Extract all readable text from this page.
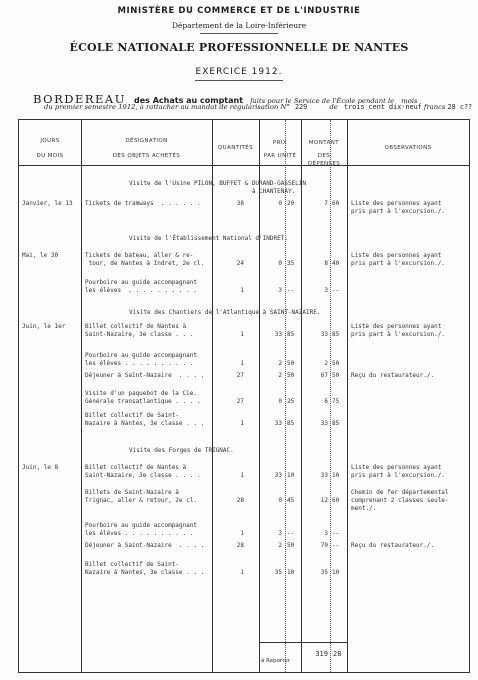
MINISTÈRE DU COMMERCE ET DE L'INDUSTRIE
Département de la Loire-Inférieure
ÉCOLE NATIONALE PROFESSIONNELLE DE NANTES
EXERCICE 1912.
BORDEREAU des Achats au comptant faits pour le Service de l'École pendant le mois
du premier semestre 1912, à rattacher au mandat de régularisation N° 229	de trois cent dix-neuf francs 28 c??
JOURS
DU MOIS
DÉSIGNATION
DES OBJETS ACHETÉS
QUANTITÉS
PRIX
PAR UNITÉ
MONTANT
DES DÉPENSES
OBSERVATIONS
Visite de l'Usine PILON, BUFFET & DURAND-GASSELIN
à CHANTENAY.
Janvier, le 13	Tickets de tramways  . . . . . .	38	0 20	7 60	Liste des personnes ayant
pris part à l'excursion./.
Visite de l'Établissement National d'INDRET.
Mai, le 30	Tickets de bateau, aller & re-
tour, de Nantes à Indret, 2e cl.	24	0 35	8 40
Liste des personnes ayant
pris part à l'excursion./.
Pourboire au guide accompagnant
les élèves  . . . . . . . . . .	1	3 --	3 --
Visite des Chantiers de l'Atlantique à SAINT-NAZAIRE.
Juin, le 1er	Billet collectif de Nantes à
Saint-Nazaire, 3e classe . . .	1	33 85	33 85
Liste des personnes ayant
pris part à l'excursion./.
Pourboire au guide accompagnant
les élèves . . . . . . . . . .	1	2 50	2 50
Déjeuner à Saint-Nazaire  . . . .	27	2 50	67 50	Reçu du restaurateur./.
Visite d'un paquebot de la Cie.
Générale transatlantique . . . .	27	0 25	6 75
Billet collectif de Saint-
Nazaire à Nantes, 3e classe . . .	1	33 85	33 85
Visite des Forges de TRIGNAC.
Juin, le 8	Billet collectif de Nantes à
Saint-Nazaire, 3e classe . . . .	1	33 10	33 10
Liste des personnes ayant
pris part à l'excursion./.
Billets de Saint-Nazaire à
Trignac, aller & retour, 2e cl.	28	0 45	12 60
Chemin de fer départemental
comprenant 2 classes seule-
ment./.
Pourboire au guide accompagnant
les élèves . . . . . . . . . .	1	3 --	3 --
Déjeuner à Saint-Nazaire  . . . .	28	2 50	70 --	Reçu du restaurateur./.
Billet collectif de Saint-
Nazaire à Nantes, 3e classe . . .	1	35 10	35 10
à Reporter
319 28
